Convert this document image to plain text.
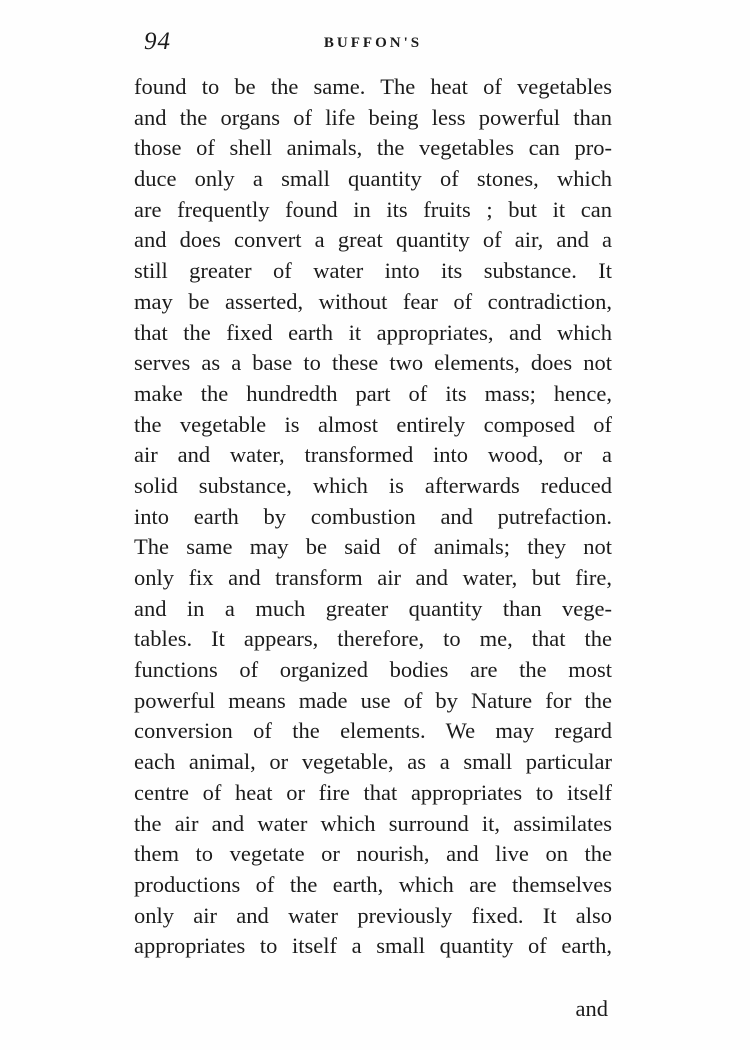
94	BUFFON'S
found to be the same. The heat of vegetables
and the organs of life being less powerful than
those of shell animals, the vegetables can pro-
duce only a small quantity of stones, which
are frequently found in its fruits ; but it can
and does convert a great quantity of air, and a
still greater of water into its substance. It
may be asserted, without fear of contradiction,
that the fixed earth it appropriates, and which
serves as a base to these two elements, does not
make the hundredth part of its mass; hence,
the vegetable is almost entirely composed of
air and water, transformed into wood, or a
solid substance, which is afterwards reduced
into earth by combustion and putrefaction.
The same may be said of animals; they not
only fix and transform air and water, but fire,
and in a much greater quantity than vege-
tables. It appears, therefore, to me, that the
functions of organized bodies are the most
powerful means made use of by Nature for the
conversion of the elements. We may regard
each animal, or vegetable, as a small particular
centre of heat or fire that appropriates to itself
the air and water which surround it, assimilates
them to vegetate or nourish, and live on the
productions of the earth, which are themselves
only air and water previously fixed. It also
appropriates to itself a small quantity of earth,
and
